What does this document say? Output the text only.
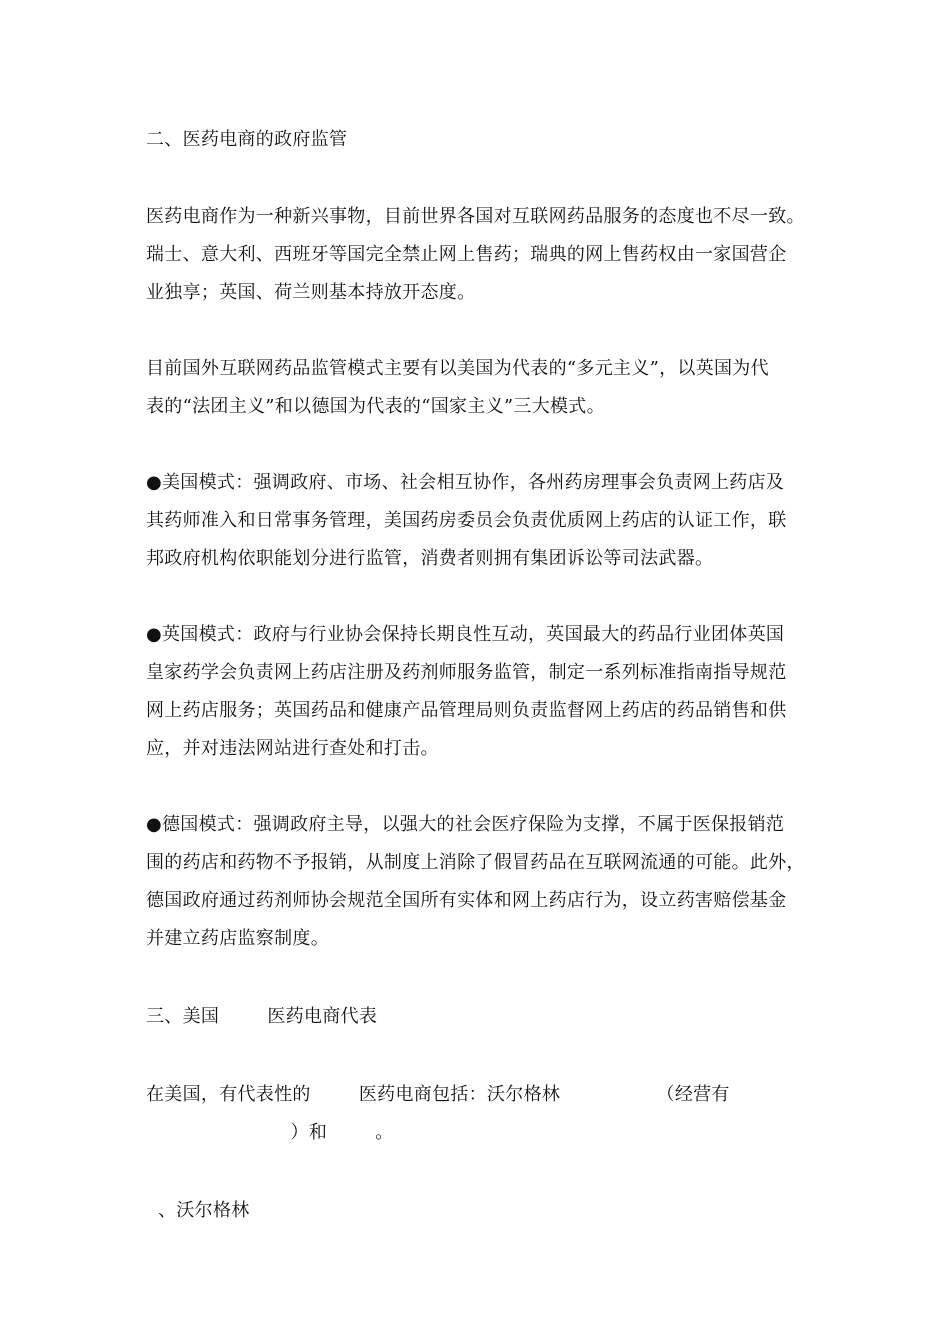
二、医药电商的政府监管
医药电商作为一种新兴事物，目前世界各国对互联网药品服务的态度也不尽一致。
瑞士、意大利、西班牙等国完全禁止网上售药；瑞典的网上售药权由一家国营企
业独享；英国、荷兰则基本持放开态度。
目前国外互联网药品监管模式主要有以美国为代表的“多元主义”，以英国为代
表的“法团主义”和以德国为代表的“国家主义”三大模式。
●美国模式：强调政府、市场、社会相互协作，各州药房理事会负责网上药店及
其药师准入和日常事务管理，美国药房委员会负责优质网上药店的认证工作，联
邦政府机构依职能划分进行监管，消费者则拥有集团诉讼等司法武器。
●英国模式：政府与行业协会保持长期良性互动，英国最大的药品行业团体英国
皇家药学会负责网上药店注册及药剂师服务监管，制定一系列标准指南指导规范
网上药店服务；英国药品和健康产品管理局则负责监督网上药店的药品销售和供
应，并对违法网站进行查处和打击。
●德国模式：强调政府主导，以强大的社会医疗保险为支撑，不属于医保报销范
围的药店和药物不予报销，从制度上消除了假冒药品在互联网流通的可能。此外，
德国政府通过药剂师协会规范全国所有实体和网上药店行为，设立药害赔偿基金
并建立药店监察制度。
三、美国        医药电商代表
在美国，有代表性的        医药电商包括：沃尔格林                （经营有
）和        。
、沃尔格林
